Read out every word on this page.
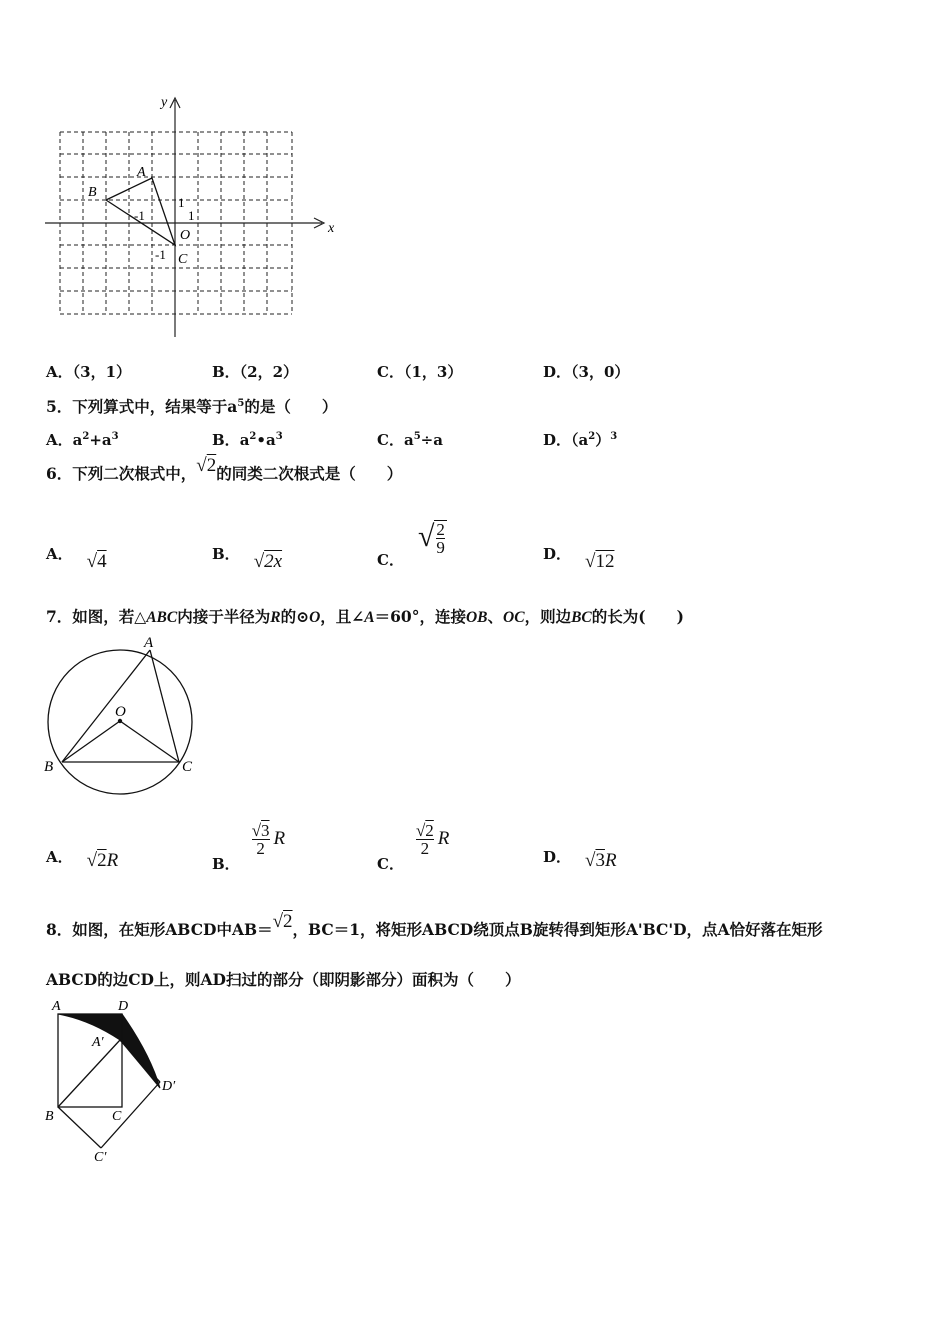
x
y
A
B
C
O
-1	1
1
-1
A．（3，1）	B．（2，2）	C．（1，3）	D．（3，0）
5．下列算式中，结果等于$a^5$的是（　　）
A．$a^2+a^3$	B．$a^2•a^3$	C．$a^5\div a$	D．$(a^2)^3$
6．下列二次根式中，√2的同类二次根式是（　　）
A． √4	B． √2x	C．√ $\frac{2}{9}$	D． √12
7．如图，若△ABC内接于半径为R的⊙O，且∠A＝60°，连接OB、OC，则边BC的长为(　　)
A
O
B	C
A． √2R	B．
$\frac{√3}{2}$ R
C．
$\frac{√2}{2}$ R
D． √3R
8．如图，在矩形ABCD中AB＝√2，BC＝1，将矩形ABCD绕顶点B旋转得到矩形A'BC'D，点A恰好落在矩形
ABCD的边CD上，则AD扫过的部分（即阴影部分）面积为（　　）
A	D
A′
D′
B	C
C′
